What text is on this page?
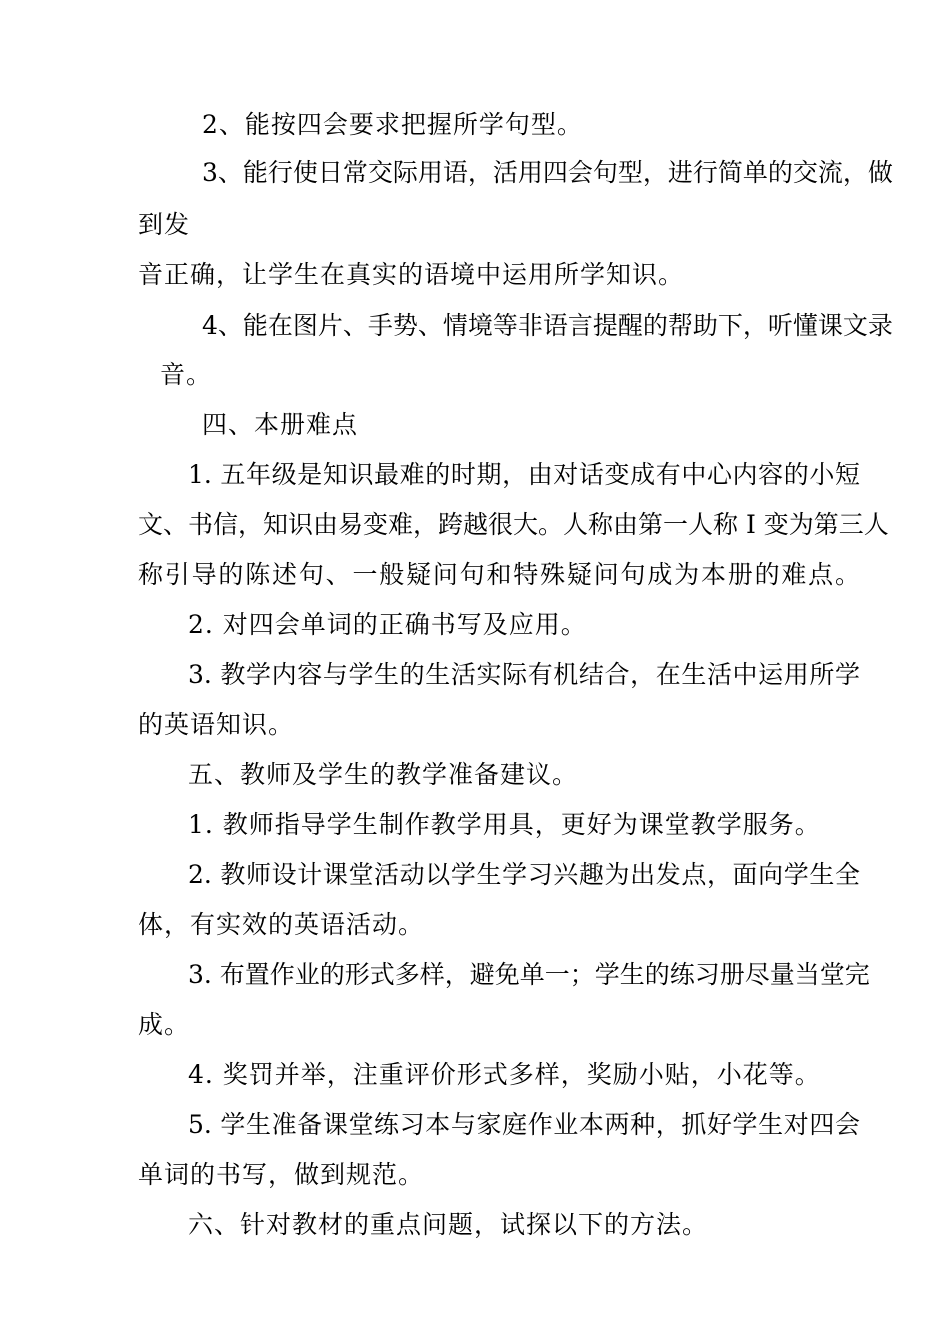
2、能按四会要求把握所学句型。
3、能行使日常交际用语，活用四会句型，进行简单的交流，做
到发
音正确，让学生在真实的语境中运用所学知识。
4、能在图片、手势、情境等非语言提醒的帮助下，听懂课文录
音。
四、本册难点
1. 五年级是知识最难的时期，由对话变成有中心内容的小短
文、书信，知识由易变难，跨越很大。人称由第一人称 I 变为第三人
称引导的陈述句、一般疑问句和特殊疑问句成为本册的难点。
2. 对四会单词的正确书写及应用。
3. 教学内容与学生的生活实际有机结合，在生活中运用所学
的英语知识。
五、教师及学生的教学准备建议。
1. 教师指导学生制作教学用具，更好为课堂教学服务。
2. 教师设计课堂活动以学生学习兴趣为出发点，面向学生全
体，有实效的英语活动。
3. 布置作业的形式多样，避免单一；学生的练习册尽量当堂完
成。
4. 奖罚并举，注重评价形式多样，奖励小贴，小花等。
5. 学生准备课堂练习本与家庭作业本两种，抓好学生对四会
单词的书写，做到规范。
六、针对教材的重点问题，试探以下的方法。
